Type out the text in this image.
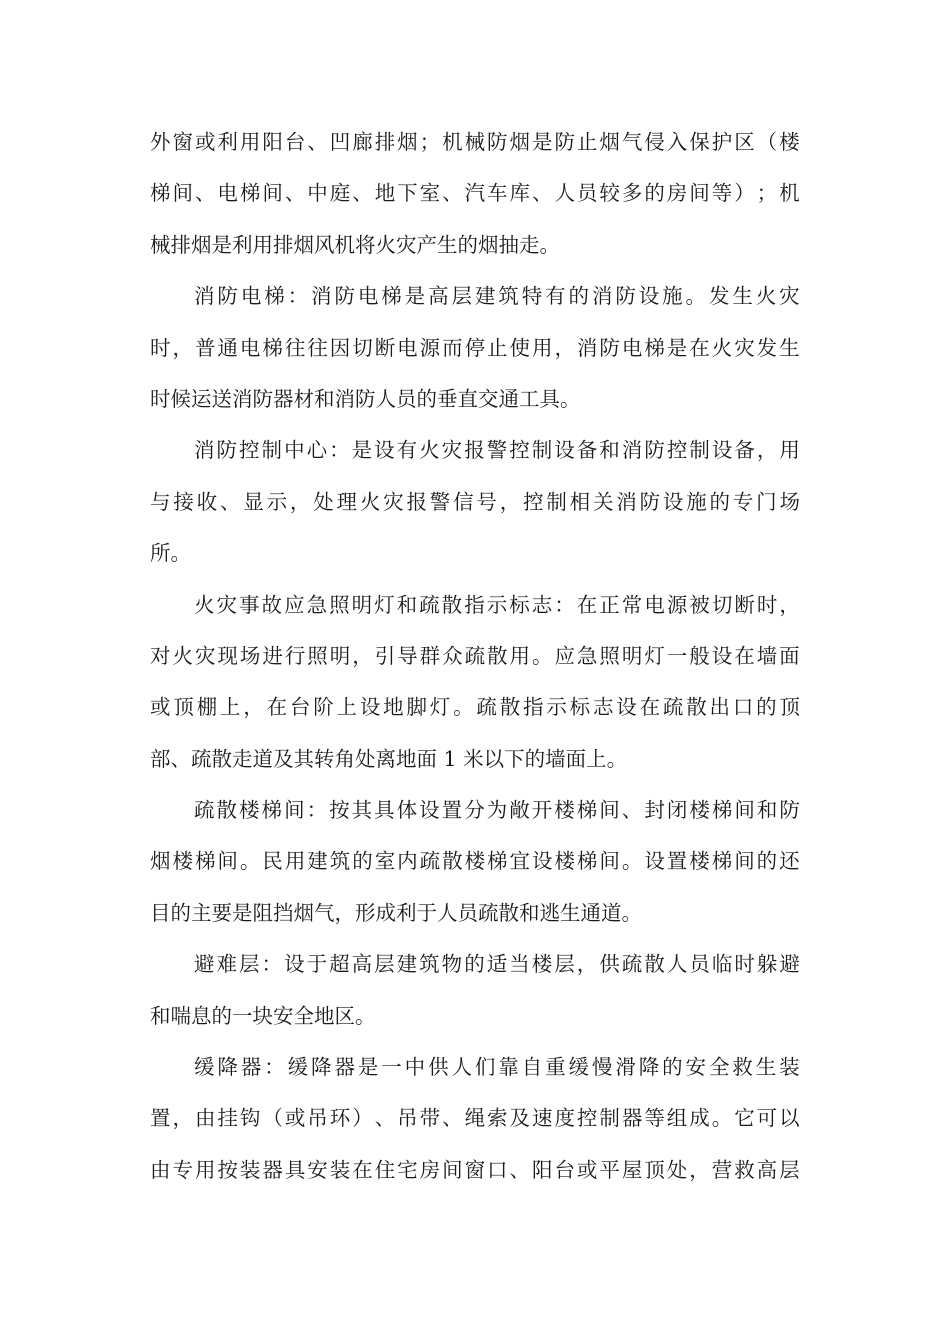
外 窗 或 利 用 阳 台 、 凹 廊 排 烟 ； 机 械 防 烟 是 防 止 烟 气 侵 入 保 护 区 （ 楼
梯 间 、 电 梯 间 、 中 庭 、 地 下 室 、 汽 车 库 、 人 员 较 多 的 房 间 等 ） ； 机
械排烟是利用排烟风机将火灾产生的烟抽走。
消 防 电 梯 ： 消 防 电 梯 是 高 层 建 筑 特 有 的 消 防 设 施 。 发 生 火 灾
时 ， 普 通 电 梯 往 往 因 切 断 电 源 而 停 止 使 用 ， 消 防 电 梯 是 在 火 灾 发 生
时候运送消防器材和消防人员的垂直交通工具。
消 防 控 制 中 心 ： 是 设 有 火 灾 报 警 控 制 设 备 和 消 防 控 制 设 备 ， 用
与 接 收 、 显 示 ， 处 理 火 灾 报 警 信 号 ， 控 制 相 关 消 防 设 施 的 专 门 场
所。
火 灾 事 故 应 急 照 明 灯 和 疏 散 指 示 标 志 ： 在 正 常 电 源 被 切 断 时 ，
对 火 灾 现 场 进 行 照 明 ， 引 导 群 众 疏 散 用 。 应 急 照 明 灯 一 般 设 在 墙 面
或 顶 棚 上 ， 在 台 阶 上 设 地 脚 灯 。 疏 散 指 示 标 志 设 在 疏 散 出 口 的 顶
部、疏散走道及其转角处离地面 1 米以下的墙面上。
疏 散 楼 梯 间 ： 按 其 具 体 设 置 分 为 敞 开 楼 梯 间 、 封 闭 楼 梯 间 和 防
烟 楼 梯 间 。 民 用 建 筑 的 室 内 疏 散 楼 梯 宜 设 楼 梯 间 。 设 置 楼 梯 间 的 还
目的主要是阻挡烟气，形成利于人员疏散和逃生通道。
避 难 层 ： 设 于 超 高 层 建 筑 物 的 适 当 楼 层 ， 供 疏 散 人 员 临 时 躲 避
和喘息的一块安全地区。
缓 降 器 ： 缓 降 器 是 一 中 供 人 们 靠 自 重 缓 慢 滑 降 的 安 全 救 生 装
置 ， 由 挂 钩 （ 或 吊 环 ） 、 吊 带 、 绳 索 及 速 度 控 制 器 等 组 成 。 它 可 以
由 专 用 按 装 器 具 安 装 在 住 宅 房 间 窗 口 、 阳 台 或 平 屋 顶 处 ， 营 救 高 层
